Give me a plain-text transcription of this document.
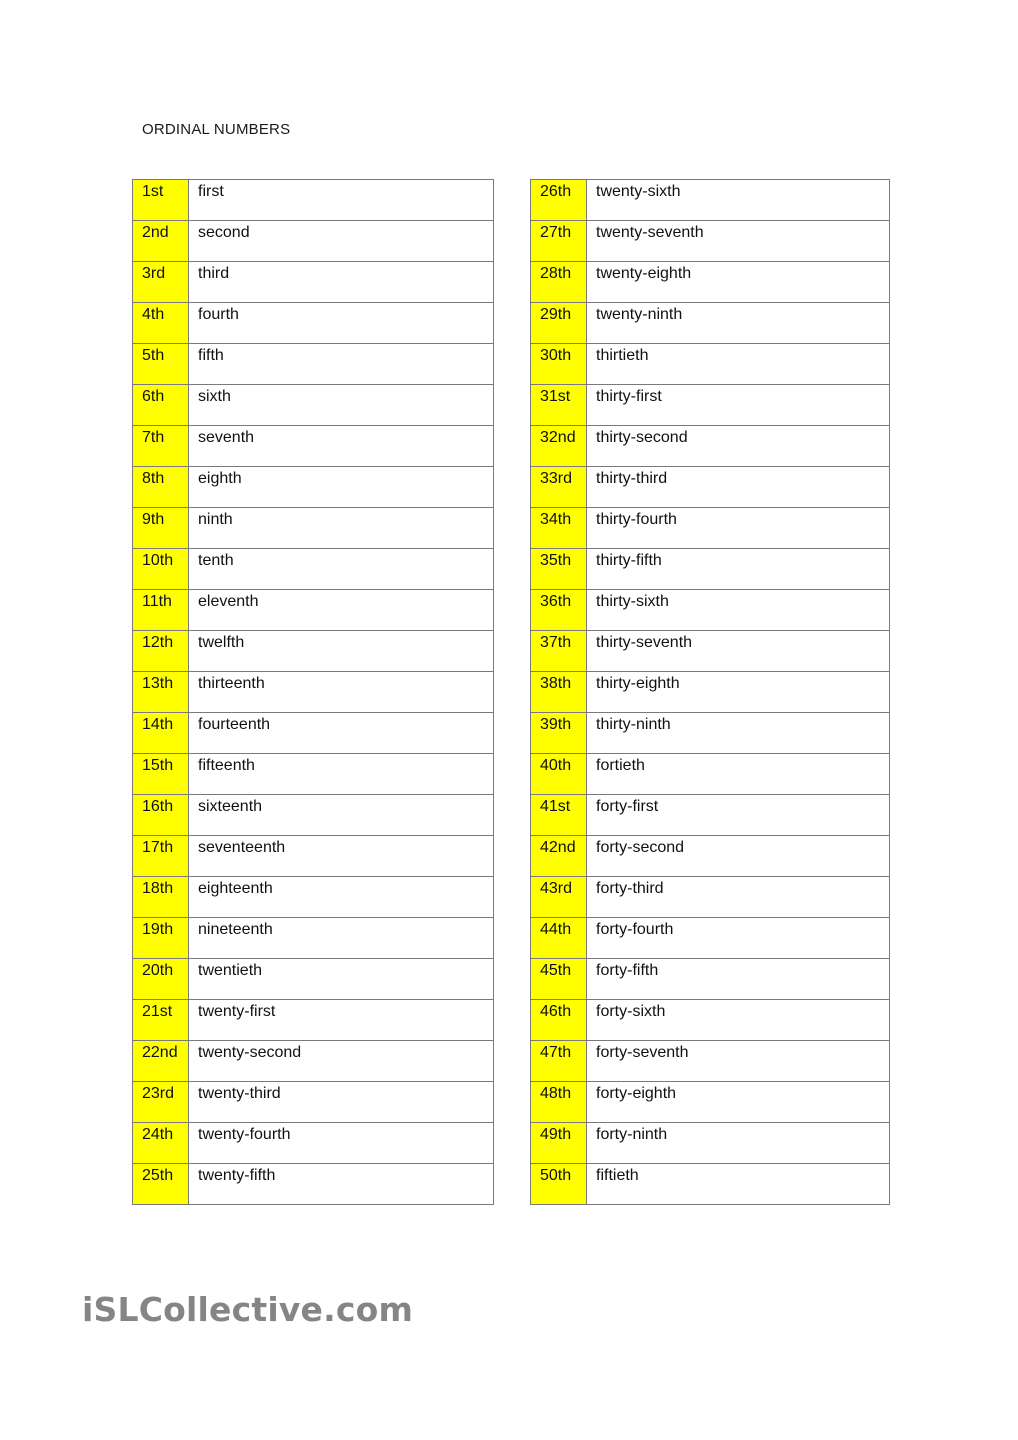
ORDINAL NUMBERS
1st	first
2nd	second
3rd	third
4th	fourth
5th	fifth
6th	sixth
7th	seventh
8th	eighth
9th	ninth
10th	tenth
11th	eleventh
12th	twelfth
13th	thirteenth
14th	fourteenth
15th	fifteenth
16th	sixteenth
17th	seventeenth
18th	eighteenth
19th	nineteenth
20th	twentieth
21st	twenty-first
22nd	twenty-second
23rd	twenty-third
24th	twenty-fourth
25th	twenty-fifth
26th	twenty-sixth
27th	twenty-seventh
28th	twenty-eighth
29th	twenty-ninth
30th	thirtieth
31st	thirty-first
32nd	thirty-second
33rd	thirty-third
34th	thirty-fourth
35th	thirty-fifth
36th	thirty-sixth
37th	thirty-seventh
38th	thirty-eighth
39th	thirty-ninth
40th	fortieth
41st	forty-first
42nd	forty-second
43rd	forty-third
44th	forty-fourth
45th	forty-fifth
46th	forty-sixth
47th	forty-seventh
48th	forty-eighth
49th	forty-ninth
50th	fiftieth
iSLCollective.com
